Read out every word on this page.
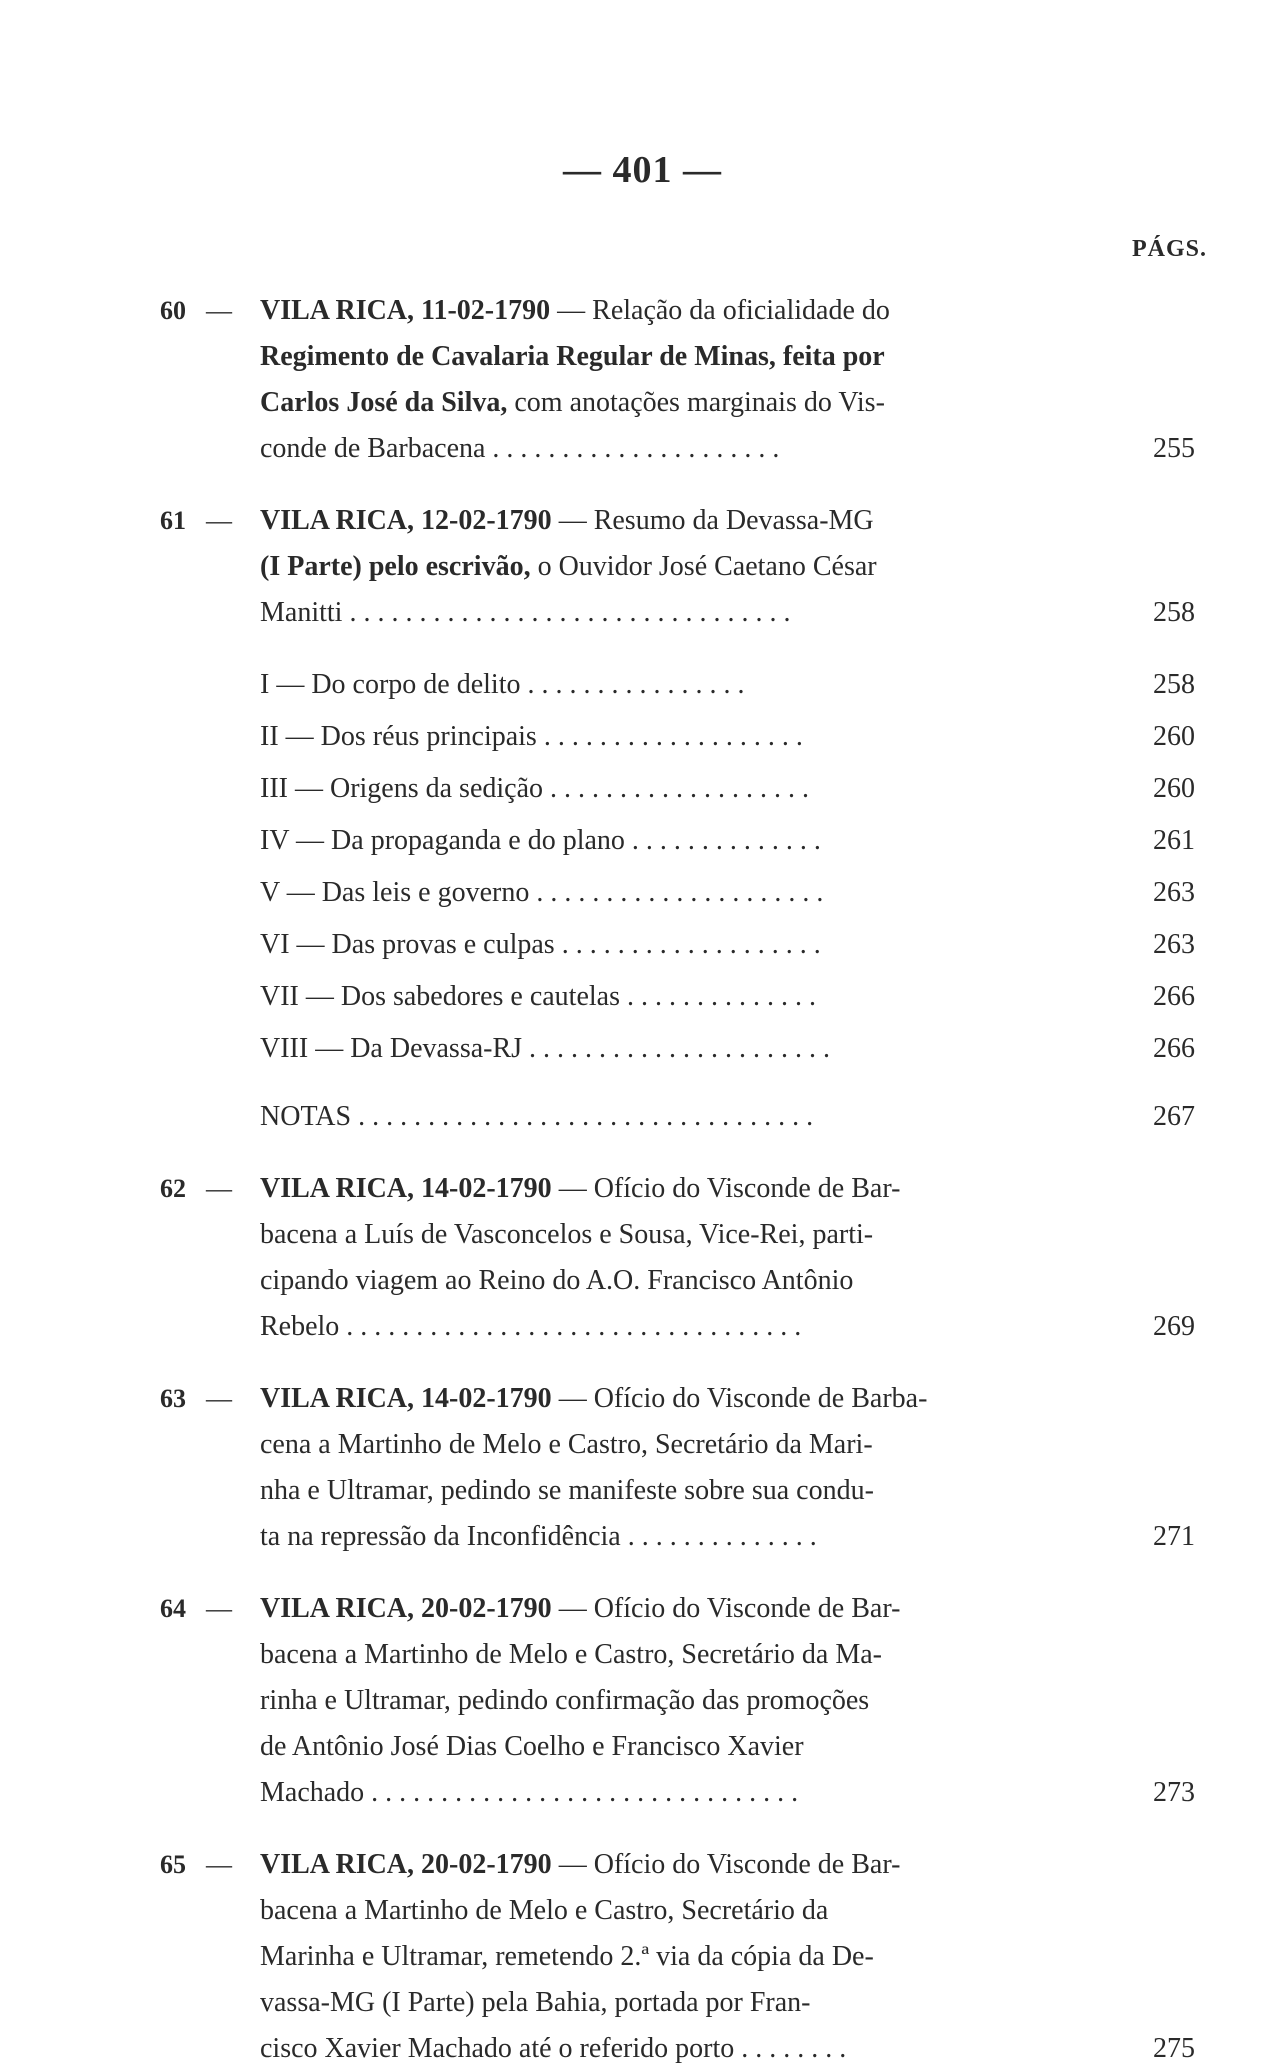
— 401 —
PÁGS.
60 — VILA RICA, 11-02-1790 — Relação da oficialidade do
Regimento de Cavalaria Regular de Minas, feita por
Carlos José da Silva, com anotações marginais do Vis-
conde de Barbacena . . . . . . . . . . . . . . . . . . . . .	255
61 — VILA RICA, 12-02-1790 — Resumo da Devassa-MG
(I Parte) pelo escrivão, o Ouvidor José Caetano César
Manitti . . . . . . . . . . . . . . . . . . . . . . . . . . . . . . . .	258
I — Do corpo de delito . . . . . . . . . . . . . . . .	258
II — Dos réus principais . . . . . . . . . . . . . . . . . . .	260
III — Origens da sedição . . . . . . . . . . . . . . . . . . .	260
IV — Da propaganda e do plano . . . . . . . . . . . . . .	261
V — Das leis e governo . . . . . . . . . . . . . . . . . . . . .	263
VI — Das provas e culpas . . . . . . . . . . . . . . . . . . .	263
VII — Dos sabedores e cautelas . . . . . . . . . . . . . .	266
VIII — Da Devassa-RJ . . . . . . . . . . . . . . . . . . . . . .	266
NOTAS . . . . . . . . . . . . . . . . . . . . . . . . . . . . . . . . .	267
62 — VILA RICA, 14-02-1790 — Ofício do Visconde de Bar-
bacena a Luís de Vasconcelos e Sousa, Vice-Rei, parti-
cipando viagem ao Reino do A.O. Francisco Antônio
Rebelo . . . . . . . . . . . . . . . . . . . . . . . . . . . . . . . . .	269
63 — VILA RICA, 14-02-1790 — Ofício do Visconde de Barba-
cena a Martinho de Melo e Castro, Secretário da Mari-
nha e Ultramar, pedindo se manifeste sobre sua condu-
ta na repressão da Inconfidência . . . . . . . . . . . . . .	271
64 — VILA RICA, 20-02-1790 — Ofício do Visconde de Bar-
bacena a Martinho de Melo e Castro, Secretário da Ma-
rinha e Ultramar, pedindo confirmação das promoções
de Antônio José Dias Coelho e Francisco Xavier
Machado . . . . . . . . . . . . . . . . . . . . . . . . . . . . . . .	273
65 — VILA RICA, 20-02-1790 — Ofício do Visconde de Bar-
bacena a Martinho de Melo e Castro, Secretário da
Marinha e Ultramar, remetendo 2.ª via da cópia da De-
vassa-MG (I Parte) pela Bahia, portada por Fran-
cisco Xavier Machado até o referido porto . . . . . . . .	275
